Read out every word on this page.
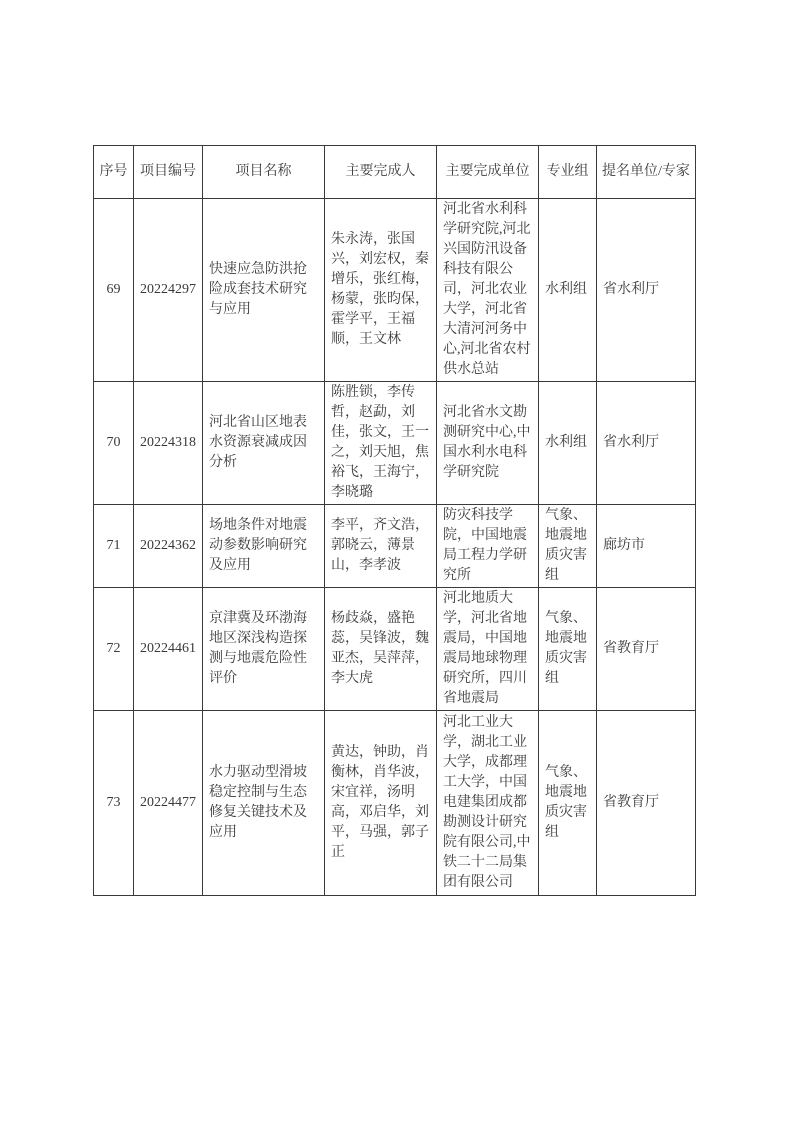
序号	项目编号	项目名称	主要完成人	主要完成单位	专业组	提名单位/专家
69	20224297	快速应急防洪抢险成套技术研究与应用	朱永涛，张国兴，刘宏权，秦增乐，张红梅，杨蒙，张昀保，霍学平，王福顺，王文林	河北省水利科学研究院,河北兴国防汛设备科技有限公司，河北农业大学，河北省大清河河务中心,河北省农村供水总站	水利组	省水利厅
70	20224318	河北省山区地表水资源衰减成因分析	陈胜锁，李传哲，赵勐，刘佳，张文，王一之，刘天旭，焦裕飞，王海宁，李晓璐	河北省水文勘测研究中心,中国水利水电科学研究院	水利组	省水利厅
71	20224362	场地条件对地震动参数影响研究及应用	李平，齐文浩，郭晓云，薄景山，李孝波	防灾科技学院，中国地震局工程力学研究所	气象、地震地质灾害组	廊坊市
72	20224461	京津冀及环渤海地区深浅构造探测与地震危险性评价	杨歧焱，盛艳蕊，吴锋波，魏亚杰，吴萍萍，李大虎	河北地质大学，河北省地震局，中国地震局地球物理研究所，四川省地震局	气象、地震地质灾害组	省教育厅
73	20224477	水力驱动型滑坡稳定控制与生态修复关键技术及应用	黄达，钟助，肖衡林，肖华波，宋宜祥，汤明高，邓启华，刘平，马强，郭子正	河北工业大学，湖北工业大学，成都理工大学，中国电建集团成都勘测设计研究院有限公司,中铁二十二局集团有限公司	气象、地震地质灾害组	省教育厅
